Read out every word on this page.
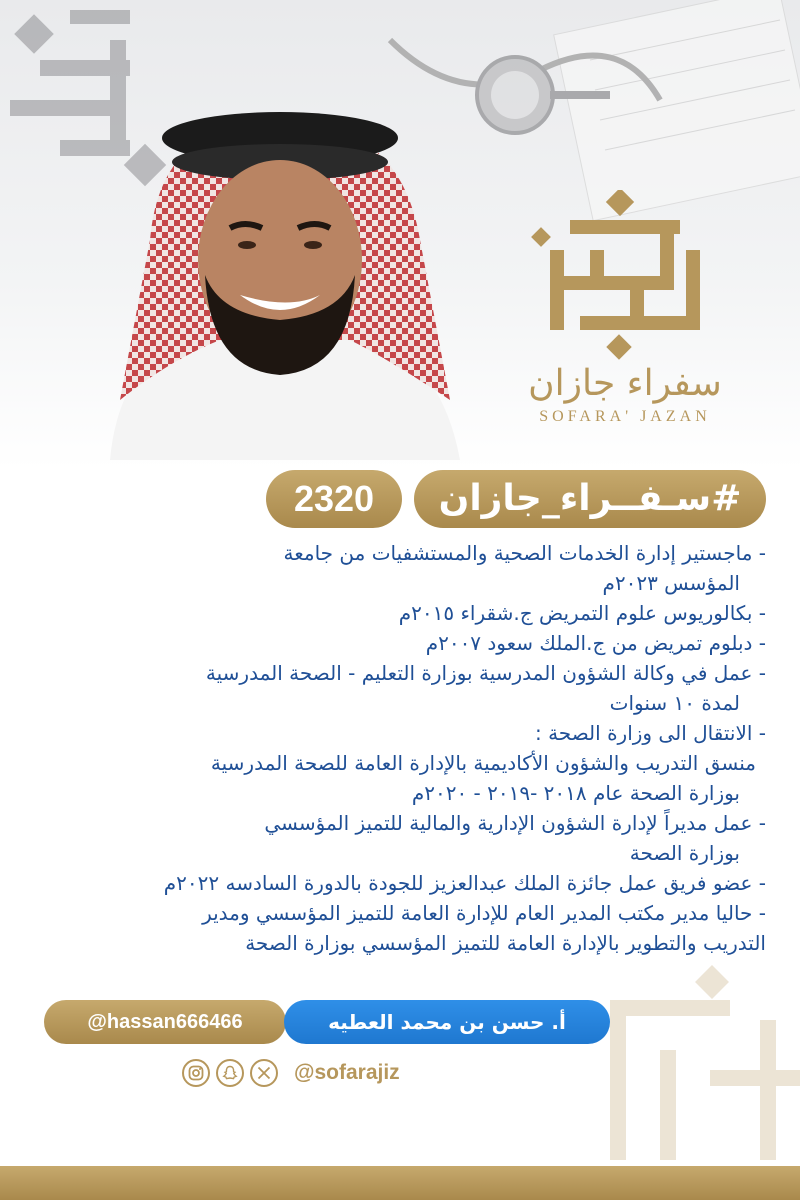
سفراء جازان
SOFARA' JAZAN
#سـفــراء_جازان
2320
- ماجستير إدارة الخدمات الصحية والمستشفيات من جامعة
المؤسس ٢٠٢٣م
- بكالوريوس علوم التمريض ج.شقراء ٢٠١٥م
- دبلوم تمريض من ج.الملك سعود ٢٠٠٧م
- عمل في وكالة الشؤون المدرسية بوزارة التعليم - الصحة المدرسية
لمدة ١٠ سنوات
- الانتقال الى وزارة الصحة :
منسق التدريب والشؤون الأكاديمية بالإدارة العامة للصحة المدرسية
بوزارة الصحة عام ٢٠١٨ -٢٠١٩ - ٢٠٢٠م
- عمل مديراً لإدارة الشؤون الإدارية والمالية للتميز المؤسسي
بوزارة الصحة
- عضو فريق عمل جائزة الملك عبدالعزيز للجودة بالدورة السادسه ٢٠٢٢م
- حاليا مدير مكتب المدير العام للإدارة العامة للتميز المؤسسي ومدير
التدريب والتطوير بالإدارة العامة للتميز المؤسسي بوزارة الصحة
@hassan666466	أ. حسن بن محمد العطيه
@sofarajiz
